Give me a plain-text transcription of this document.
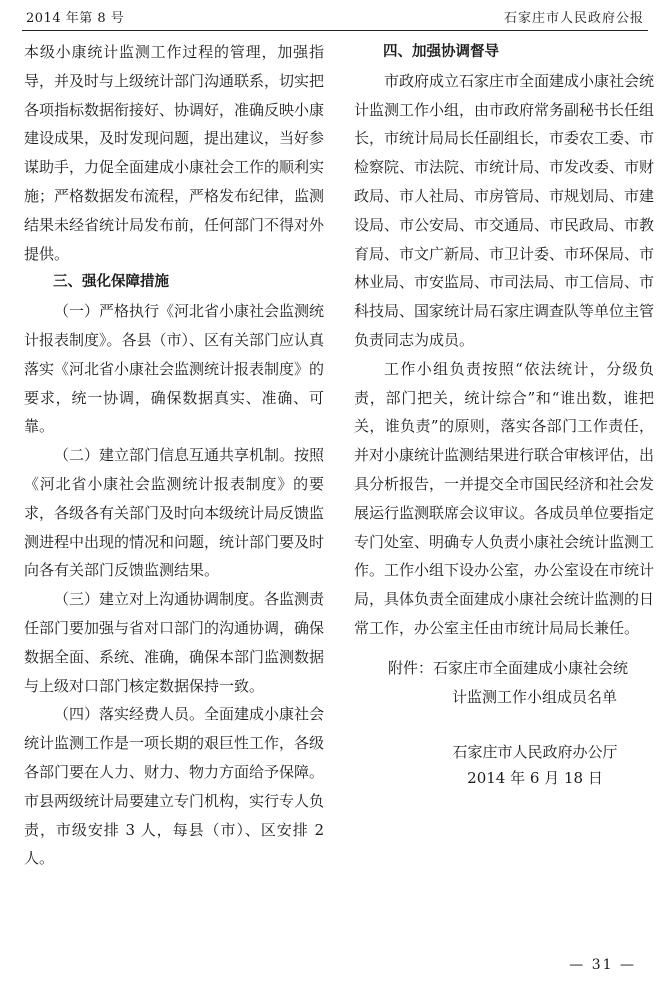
2014 年第 8 号	石家庄市人民政府公报

本级小康统计监测工作过程的管理，加强指导，并及时与上级统计部门沟通联系，切实把各项指标数据衔接好、协调好，准确反映小康建设成果，及时发现问题，提出建议，当好参谋助手，力促全面建成小康社会工作的顺利实施；严格数据发布流程，严格发布纪律，监测结果未经省统计局发布前，任何部门不得对外提供。

三、强化保障措施

（一）严格执行《河北省小康社会监测统计报表制度》。各县（市）、区有关部门应认真落实《河北省小康社会监测统计报表制度》的要求，统一协调，确保数据真实、准确、可靠。

（二）建立部门信息互通共享机制。按照《河北省小康社会监测统计报表制度》的要求，各级各有关部门及时向本级统计局反馈监测进程中出现的情况和问题，统计部门要及时向各有关部门反馈监测结果。

（三）建立对上沟通协调制度。各监测责任部门要加强与省对口部门的沟通协调，确保数据全面、系统、准确，确保本部门监测数据与上级对口部门核定数据保持一致。

（四）落实经费人员。全面建成小康社会统计监测工作是一项长期的艰巨性工作，各级各部门要在人力、财力、物力方面给予保障。市县两级统计局要建立专门机构，实行专人负责，市级安排 3 人，每县（市）、区安排 2 人。

四、加强协调督导

市政府成立石家庄市全面建成小康社会统计监测工作小组，由市政府常务副秘书长任组长，市统计局局长任副组长，市委农工委、市检察院、市法院、市统计局、市发改委、市财政局、市人社局、市房管局、市规划局、市建设局、市公安局、市交通局、市民政局、市教育局、市文广新局、市卫计委、市环保局、市林业局、市安监局、市司法局、市工信局、市科技局、国家统计局石家庄调查队等单位主管负责同志为成员。

工作小组负责按照“依法统计，分级负责，部门把关，统计综合”和“谁出数，谁把关，谁负责”的原则，落实各部门工作责任，并对小康统计监测结果进行联合审核评估，出具分析报告，一并提交全市国民经济和社会发展运行监测联席会议审议。各成员单位要指定专门处室、明确专人负责小康社会统计监测工作。工作小组下设办公室，办公室设在市统计局，具体负责全面建成小康社会统计监测的日常工作，办公室主任由市统计局局长兼任。

附件：石家庄市全面建成小康社会统
计监测工作小组成员名单
石家庄市人民政府办公厅
2014 年 6 月 18 日
— 31 —
